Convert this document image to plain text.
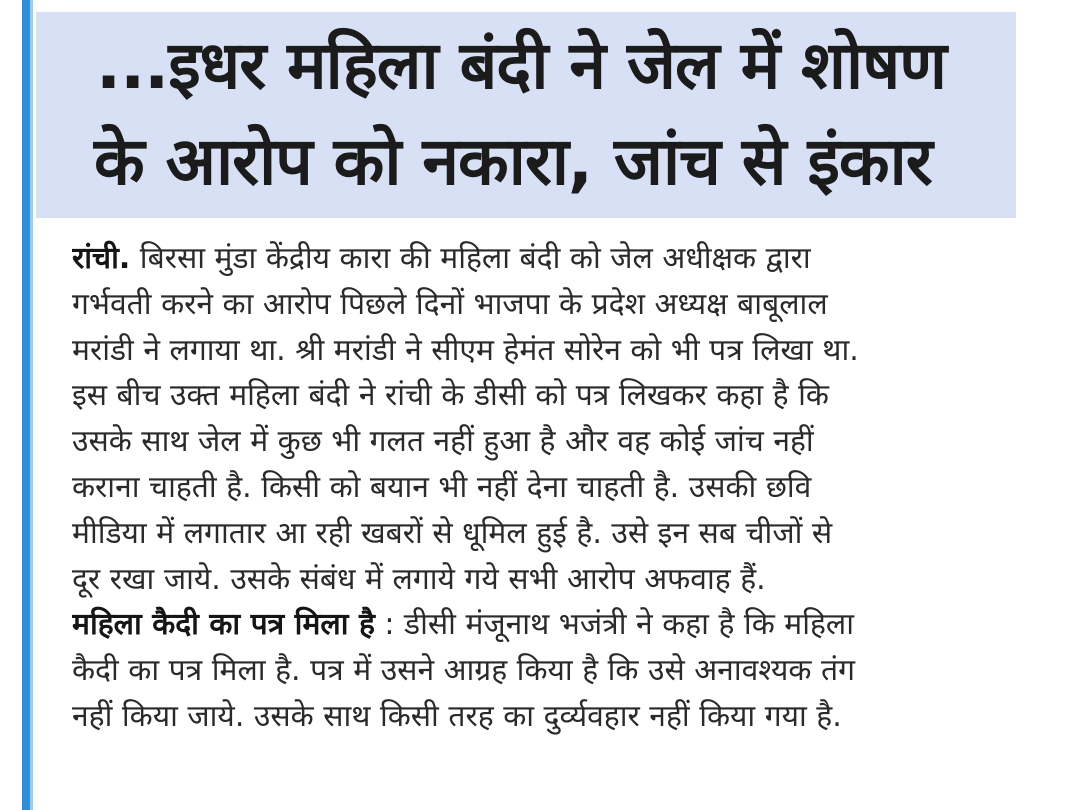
...इधर महिला बंदी ने जेल में शोषण
के आरोप को नकारा, जांच से इंकार
रांची. बिरसा मुंडा केंद्रीय कारा की महिला बंदी को जेल अधीक्षक द्वारा
गर्भवती करने का आरोप पिछले दिनों भाजपा के प्रदेश अध्यक्ष बाबूलाल
मरांडी ने लगाया था. श्री मरांडी ने सीएम हेमंत सोरेन को भी पत्र लिखा था.
इस बीच उक्त महिला बंदी ने रांची के डीसी को पत्र लिखकर कहा है कि
उसके साथ जेल में कुछ भी गलत नहीं हुआ है और वह कोई जांच नहीं
कराना चाहती है. किसी को बयान भी नहीं देना चाहती है. उसकी छवि
मीडिया में लगातार आ रही खबरों से धूमिल हुई है. उसे इन सब चीजों से
दूर रखा जाये. उसके संबंध में लगाये गये सभी आरोप अफवाह हैं.
महिला कैदी का पत्र मिला है : डीसी मंजूनाथ भजंत्री ने कहा है कि महिला
कैदी का पत्र मिला है. पत्र में उसने आग्रह किया है कि उसे अनावश्यक तंग
नहीं किया जाये. उसके साथ किसी तरह का दुर्व्यवहार नहीं किया गया है.
